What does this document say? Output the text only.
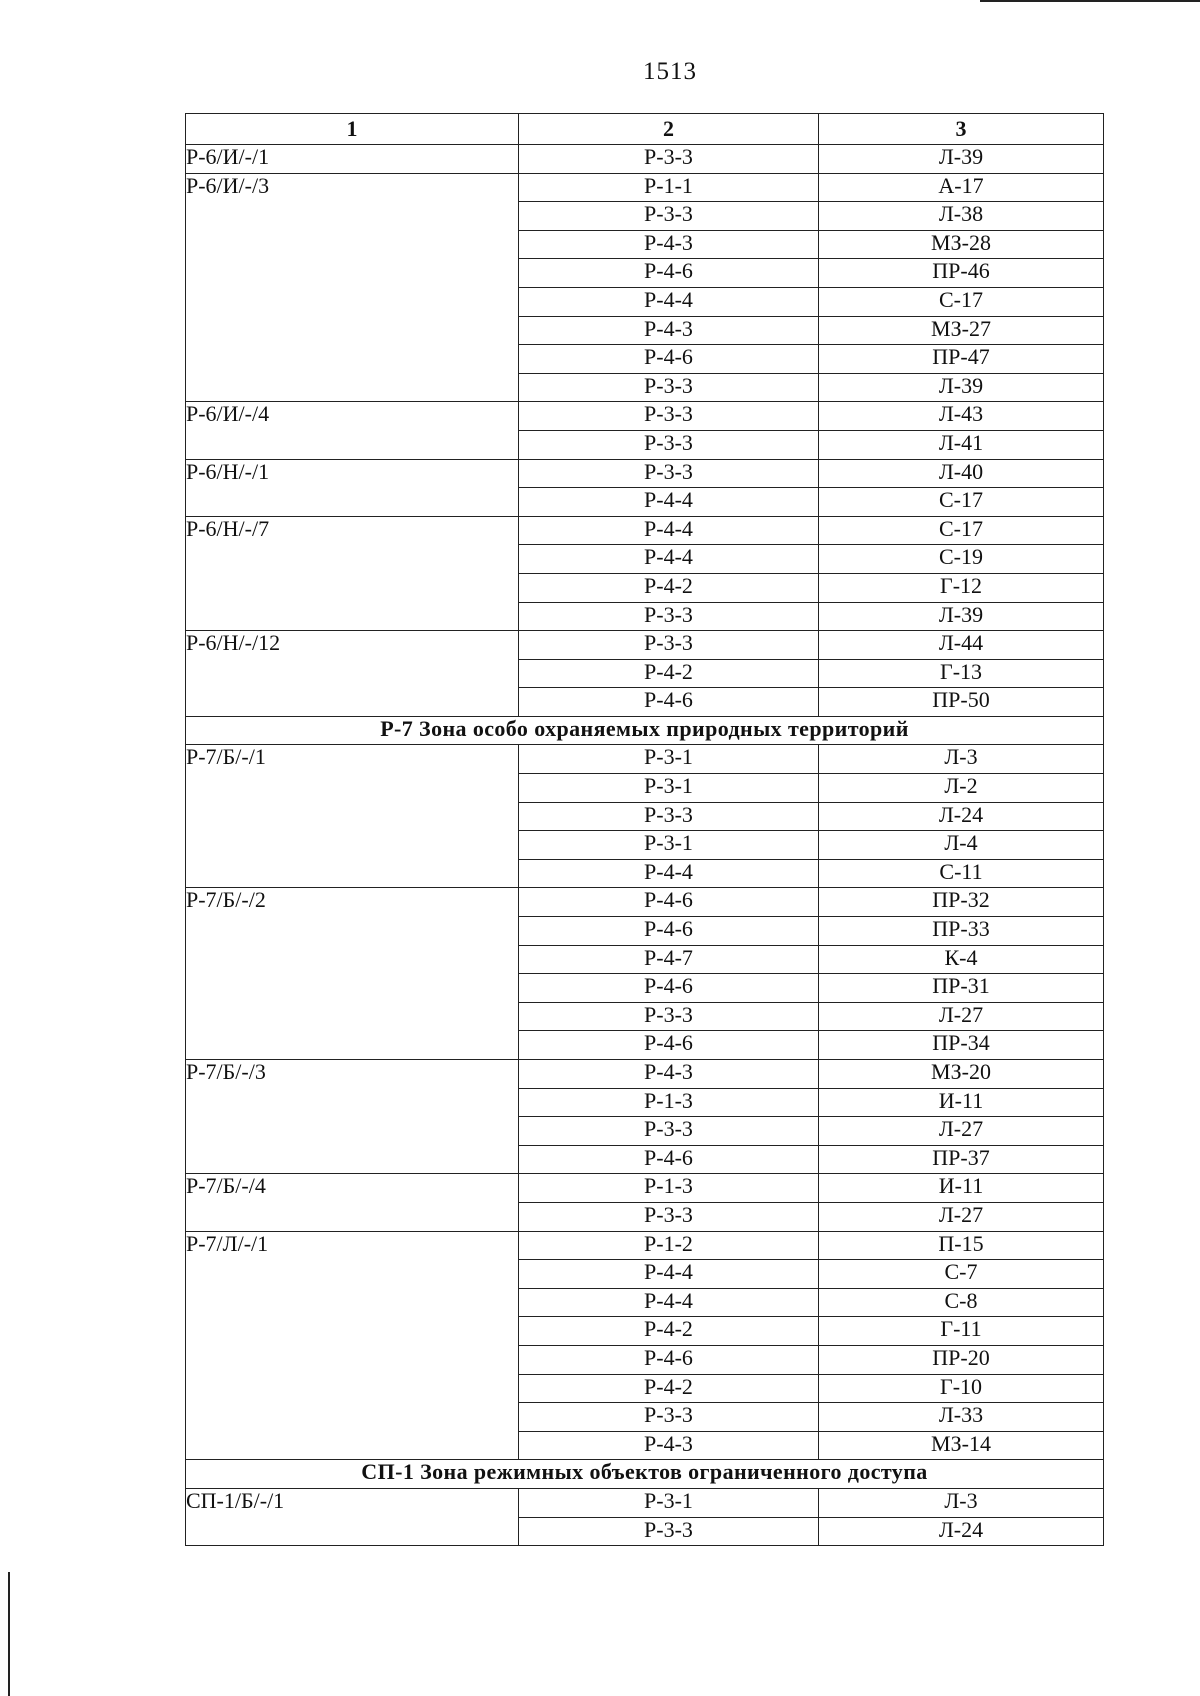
1513
1	2	3
Р-6/И/-/1	Р-3-3	Л-39
Р-6/И/-/3	Р-1-1	А-17
	Р-3-3	Л-38
	Р-4-3	МЗ-28
	Р-4-6	ПР-46
	Р-4-4	С-17
	Р-4-3	МЗ-27
	Р-4-6	ПР-47
	Р-3-3	Л-39
Р-6/И/-/4	Р-3-3	Л-43
	Р-3-3	Л-41
Р-6/Н/-/1	Р-3-3	Л-40
	Р-4-4	С-17
Р-6/Н/-/7	Р-4-4	С-17
	Р-4-4	С-19
	Р-4-2	Г-12
	Р-3-3	Л-39
Р-6/Н/-/12	Р-3-3	Л-44
	Р-4-2	Г-13
	Р-4-6	ПР-50
Р-7 Зона особо охраняемых природных территорий		
Р-7/Б/-/1	Р-3-1	Л-3
	Р-3-1	Л-2
	Р-3-3	Л-24
	Р-3-1	Л-4
	Р-4-4	С-11
Р-7/Б/-/2	Р-4-6	ПР-32
	Р-4-6	ПР-33
	Р-4-7	К-4
	Р-4-6	ПР-31
	Р-3-3	Л-27
	Р-4-6	ПР-34
Р-7/Б/-/3	Р-4-3	МЗ-20
	Р-1-3	И-11
	Р-3-3	Л-27
	Р-4-6	ПР-37
Р-7/Б/-/4	Р-1-3	И-11
	Р-3-3	Л-27
Р-7/Л/-/1	Р-1-2	П-15
	Р-4-4	С-7
	Р-4-4	С-8
	Р-4-2	Г-11
	Р-4-6	ПР-20
	Р-4-2	Г-10
	Р-3-3	Л-33
	Р-4-3	МЗ-14
СП-1 Зона режимных объектов ограниченного доступа		
СП-1/Б/-/1	Р-3-1	Л-3
	Р-3-3	Л-24
